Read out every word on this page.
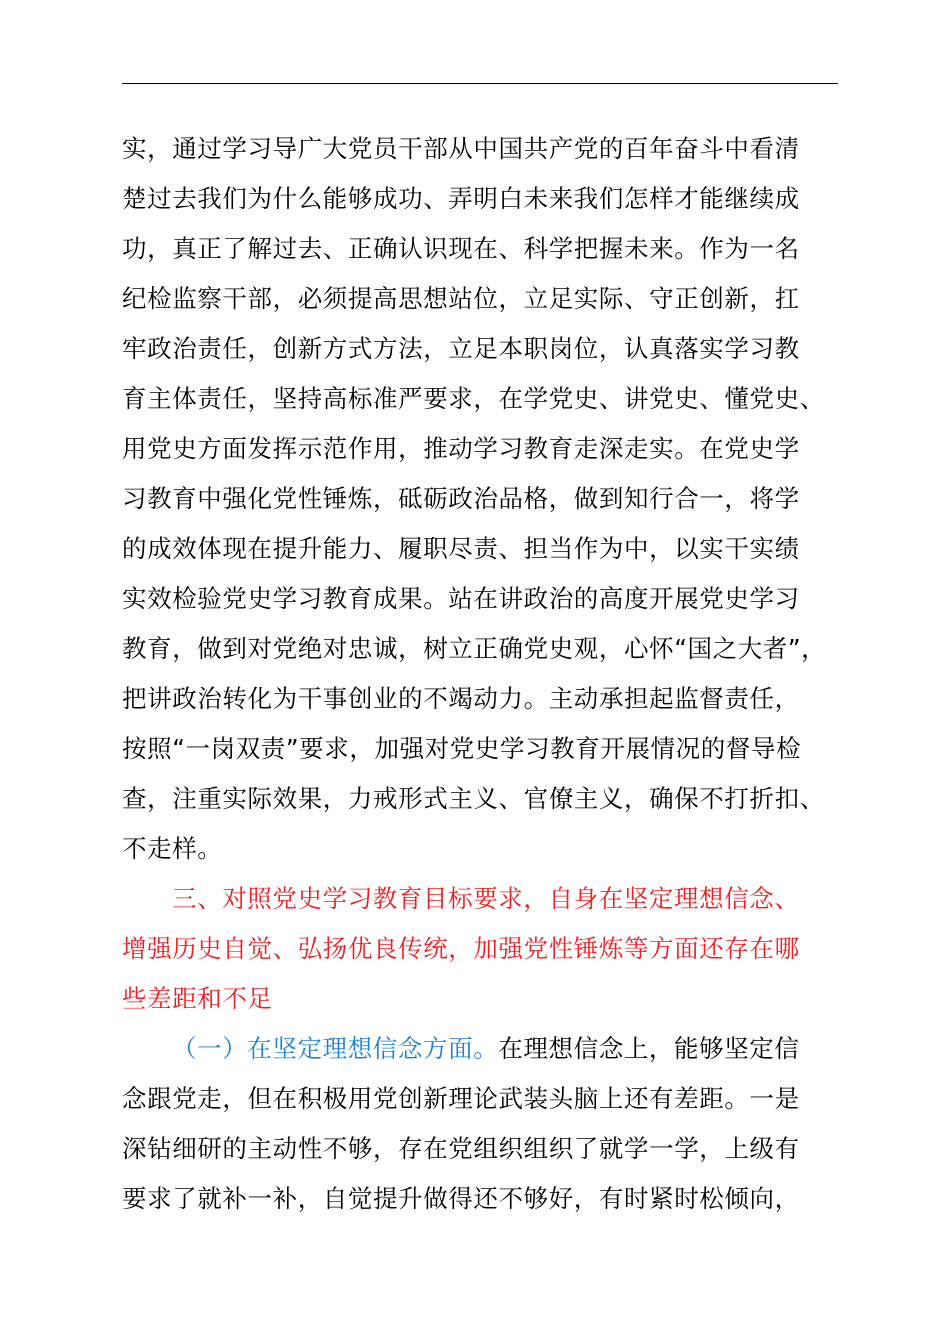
实，通过学习导广大党员干部从中国共产党的百年奋斗中看清
楚过去我们为什么能够成功、弄明白未来我们怎样才能继续成
功，真正了解过去、正确认识现在、科学把握未来。作为一名
纪检监察干部，必须提高思想站位，立足实际、守正创新，扛
牢政治责任，创新方式方法，立足本职岗位，认真落实学习教
育主体责任，坚持高标准严要求，在学党史、讲党史、懂党史、
用党史方面发挥示范作用，推动学习教育走深走实。在党史学
习教育中强化党性锤炼，砥砺政治品格，做到知行合一，将学
的成效体现在提升能力、履职尽责、担当作为中，以实干实绩
实效检验党史学习教育成果。站在讲政治的高度开展党史学习
教育，做到对党绝对忠诚，树立正确党史观，心怀“国之大者”，
把讲政治转化为干事创业的不竭动力。主动承担起监督责任，
按照“一岗双责”要求，加强对党史学习教育开展情况的督导检
查，注重实际效果，力戒形式主义、官僚主义，确保不打折扣、
不走样。
三、对照党史学习教育目标要求，自身在坚定理想信念、
增强历史自觉、弘扬优良传统，加强党性锤炼等方面还存在哪
些差距和不足
（一）在坚定理想信念方面。在理想信念上，能够坚定信
念跟党走，但在积极用党创新理论武装头脑上还有差距。一是
深钻细研的主动性不够，存在党组织组织了就学一学，上级有
要求了就补一补，自觉提升做得还不够好，有时紧时松倾向，
